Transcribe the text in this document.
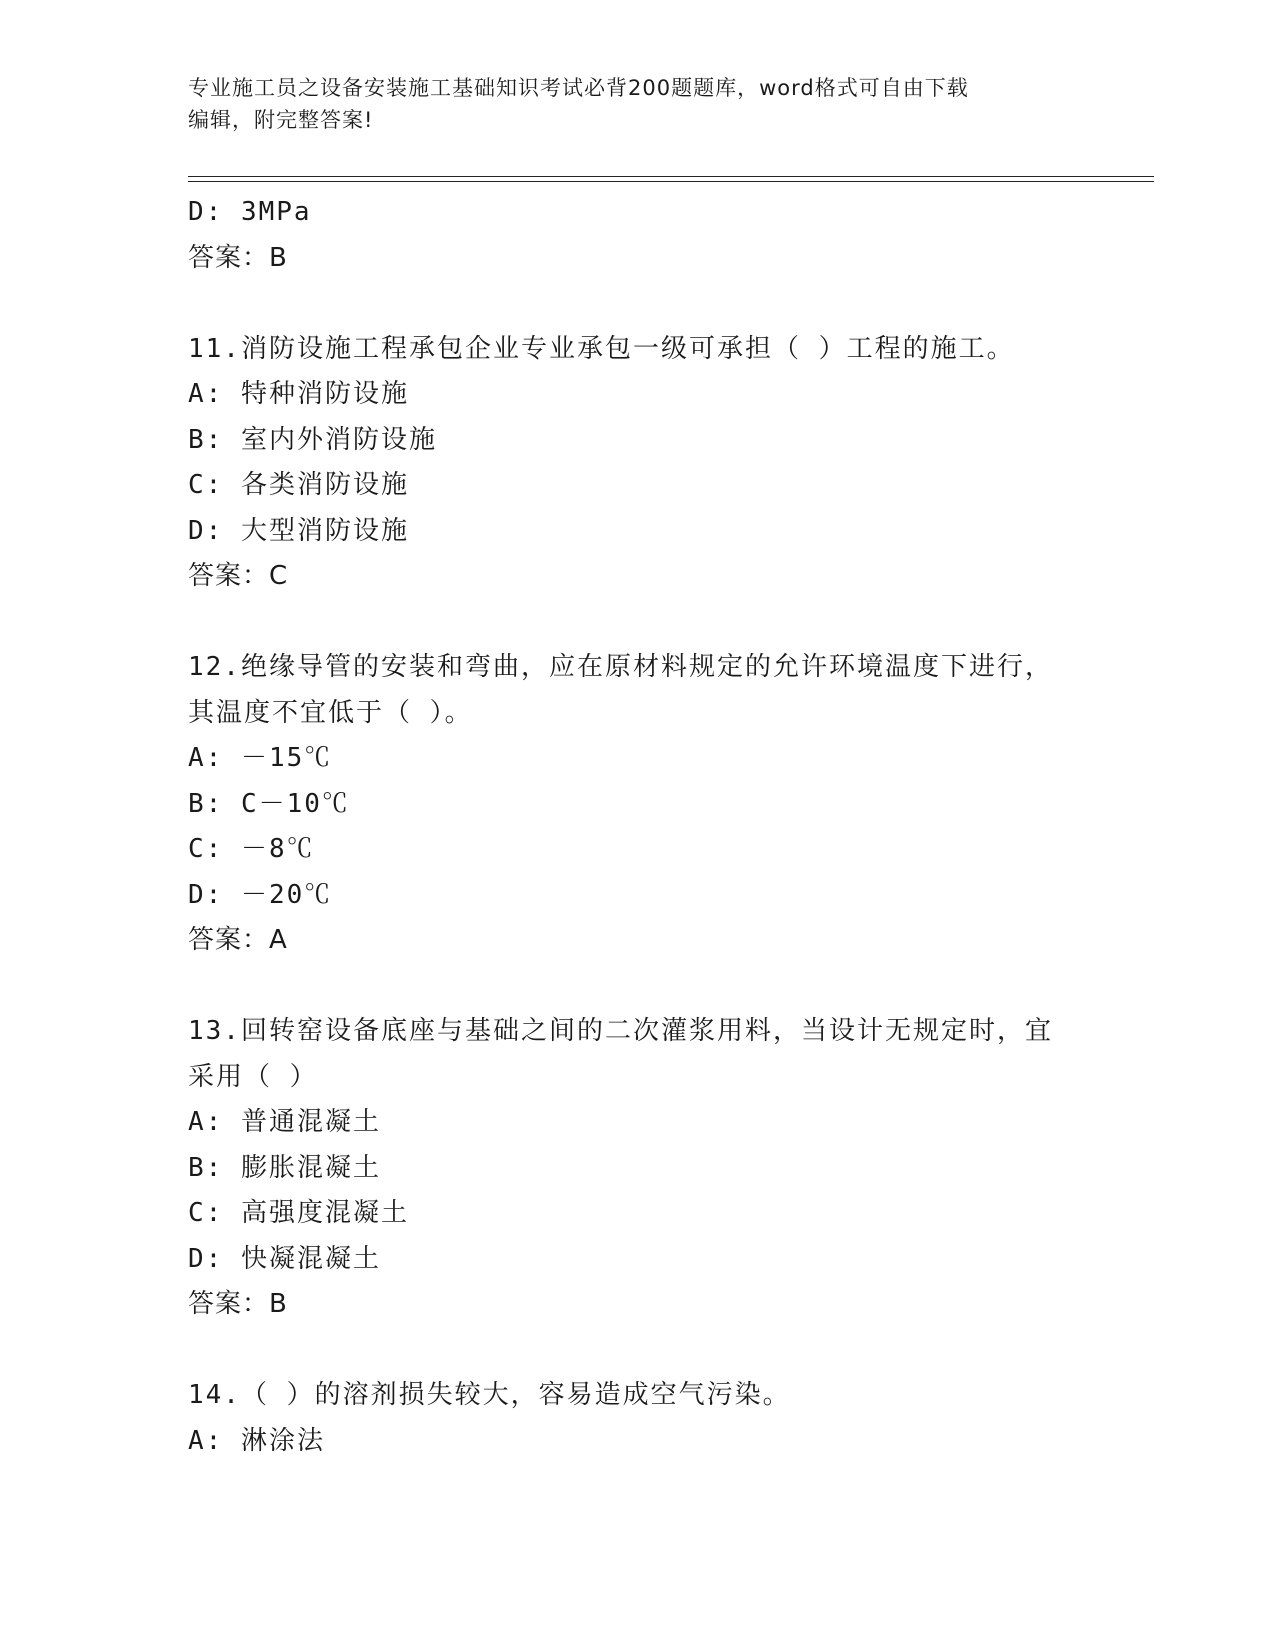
专业施工员之设备安装施工基础知识考试必背200题题库，word格式可自由下载
编辑，附完整答案!
D: 3MPa
答案：B
11.消防设施工程承包企业专业承包一级可承担（ ）工程的施工。
A: 特种消防设施
B: 室内外消防设施
C: 各类消防设施
D: 大型消防设施
答案：C
12.绝缘导管的安装和弯曲，应在原材料规定的允许环境温度下进行，
其温度不宜低于（ ）。
A: －15℃
B: C－10℃
C: －8℃
D: －20℃
答案：A
13.回转窑设备底座与基础之间的二次灌浆用料，当设计无规定时，宜
采用（ ）
A: 普通混凝土
B: 膨胀混凝土
C: 高强度混凝土
D: 快凝混凝土
答案：B
14.（ ）的溶剂损失较大，容易造成空气污染。
A: 淋涂法
